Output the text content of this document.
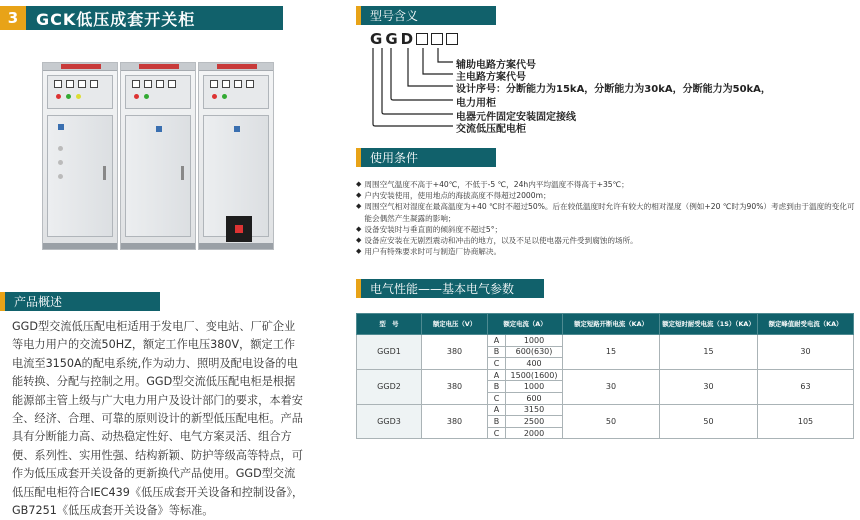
3	GCK低压成套开关柜
产品概述

GGD型交流低压配电柜适用于发电厂、变电站、厂矿企业等电力用户的交流50HZ，额定工作电压380V，额定工作电流至3150A的配电系统,作为动力、照明及配电设备的电能转换、分配与控制之用。GGD型交流低压配电柜是根据能源部主管上级与广大电力用户及设计部门的要求，本着安全、经济、合理、可靠的原则设计的新型低压配电柜。产品具有分断能力高、动热稳定性好、电气方案灵活、组合方便、系列性、实用性强、结构新颖、防护等级高等特点，可作为低压成套开关设备的更新换代产品使用。GGD型交流低压配电柜符合IEC439《低压成套开关设备和控制设备》，GB7251《低压成套开关设备》等标准。

型号含义
G G D
辅助电路方案代号
主电路方案代号
设计序号：分断能力为15kA，分断能力为30kA，分断能力为50kA，
电力用柜
电器元件固定安装固定接线
交流低压配电柜
使用条件
◆ 周围空气温度不高于+40℃，不低于-5 ℃，24h内平均温度不得高于+35℃；
◆ 户内安装使用，使用地点的海拔高度不得超过2000m；
◆ 周围空气相对湿度在最高温度为+40 ℃时不超过50%。后在较低温度时允许有较大的相对湿度（例如+20 ℃时为90%）考虑到由于温度的变化可能会偶然产生凝露的影响；
◆ 设备安装时与垂直面的倾斜度不超过5°；
◆ 设备应安装在无剧烈震动和冲击的地方，以及不足以使电器元件受到腐蚀的场所。
◆ 用户有特殊要求时可与制造厂协商解决。
电气性能——基本电气参数
型　号	额定电压（V）	额定电流（A）		额定短路开断电流（KA）	额定短时耐受电流（1S）（KA）	额定峰值耐受电流（KA）
GGD1	380	A	1000	15	15	30
		B	600(630)			
		C	400			
GGD2	380	A	1500(1600)	30	30	63
		B	1000			
		C	600			
GGD3	380	A	3150	50	50	105
		B	2500			
		C	2000			
